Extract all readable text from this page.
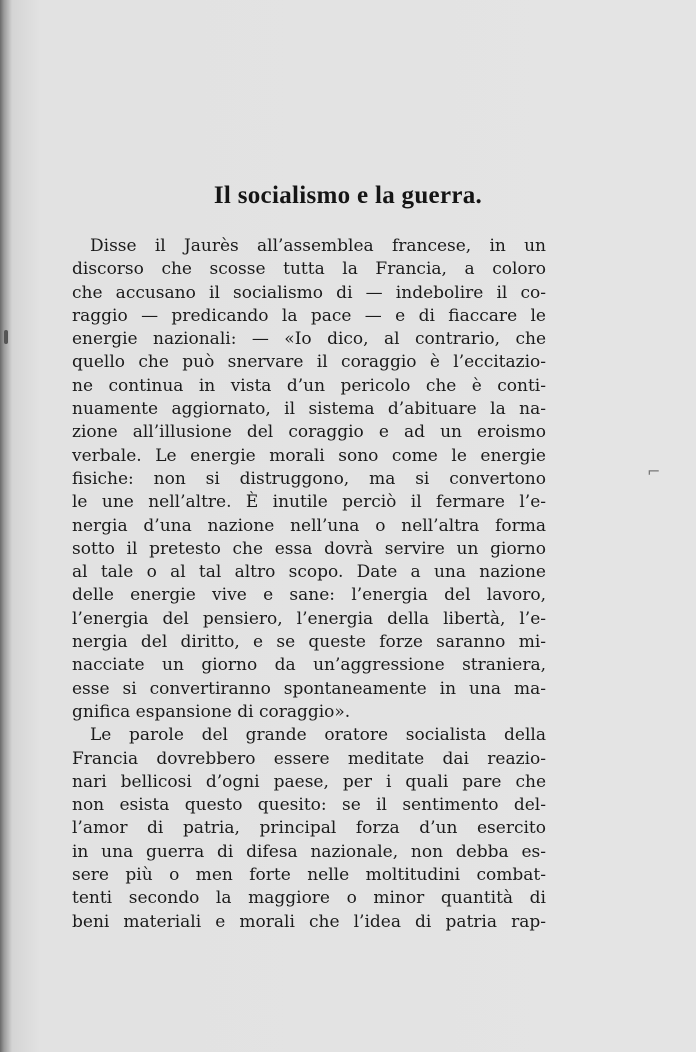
⌐
Il socialismo e la guerra.
Disse il Jaurès all’assemblea francese, in un
discorso che scosse tutta la Francia, a coloro
che accusano il socialismo di — indebolire il co-
raggio — predicando la pace — e di fiaccare le
energie nazionali: — «Io dico, al contrario, che
quello che può snervare il coraggio è l’eccitazio-
ne continua in vista d’un pericolo che è conti-
nuamente aggiornato, il sistema d’abituare la na-
zione all’illusione del coraggio e ad un eroismo
verbale. Le energie morali sono come le energie
fisiche: non si distruggono, ma si convertono
le une nell’altre. È inutile perciò il fermare l’e-
nergia d’una nazione nell’una o nell’altra forma
sotto il pretesto che essa dovrà servire un giorno
al tale o al tal altro scopo. Date a una nazione
delle energie vive e sane: l’energia del lavoro,
l’energia del pensiero, l’energia della libertà, l’e-
nergia del diritto, e se queste forze saranno mi-
nacciate un giorno da un’aggressione straniera,
esse si convertiranno spontaneamente in una ma-
gnifica espansione di coraggio».
Le parole del grande oratore socialista della
Francia dovrebbero essere meditate dai reazio-
nari bellicosi d’ogni paese, per i quali pare che
non esista questo quesito: se il sentimento del-
l’amor di patria, principal forza d’un esercito
in una guerra di difesa nazionale, non debba es-
sere più o men forte nelle moltitudini combat-
tenti secondo la maggiore o minor quantità di
beni materiali e morali che l’idea di patria rap-
